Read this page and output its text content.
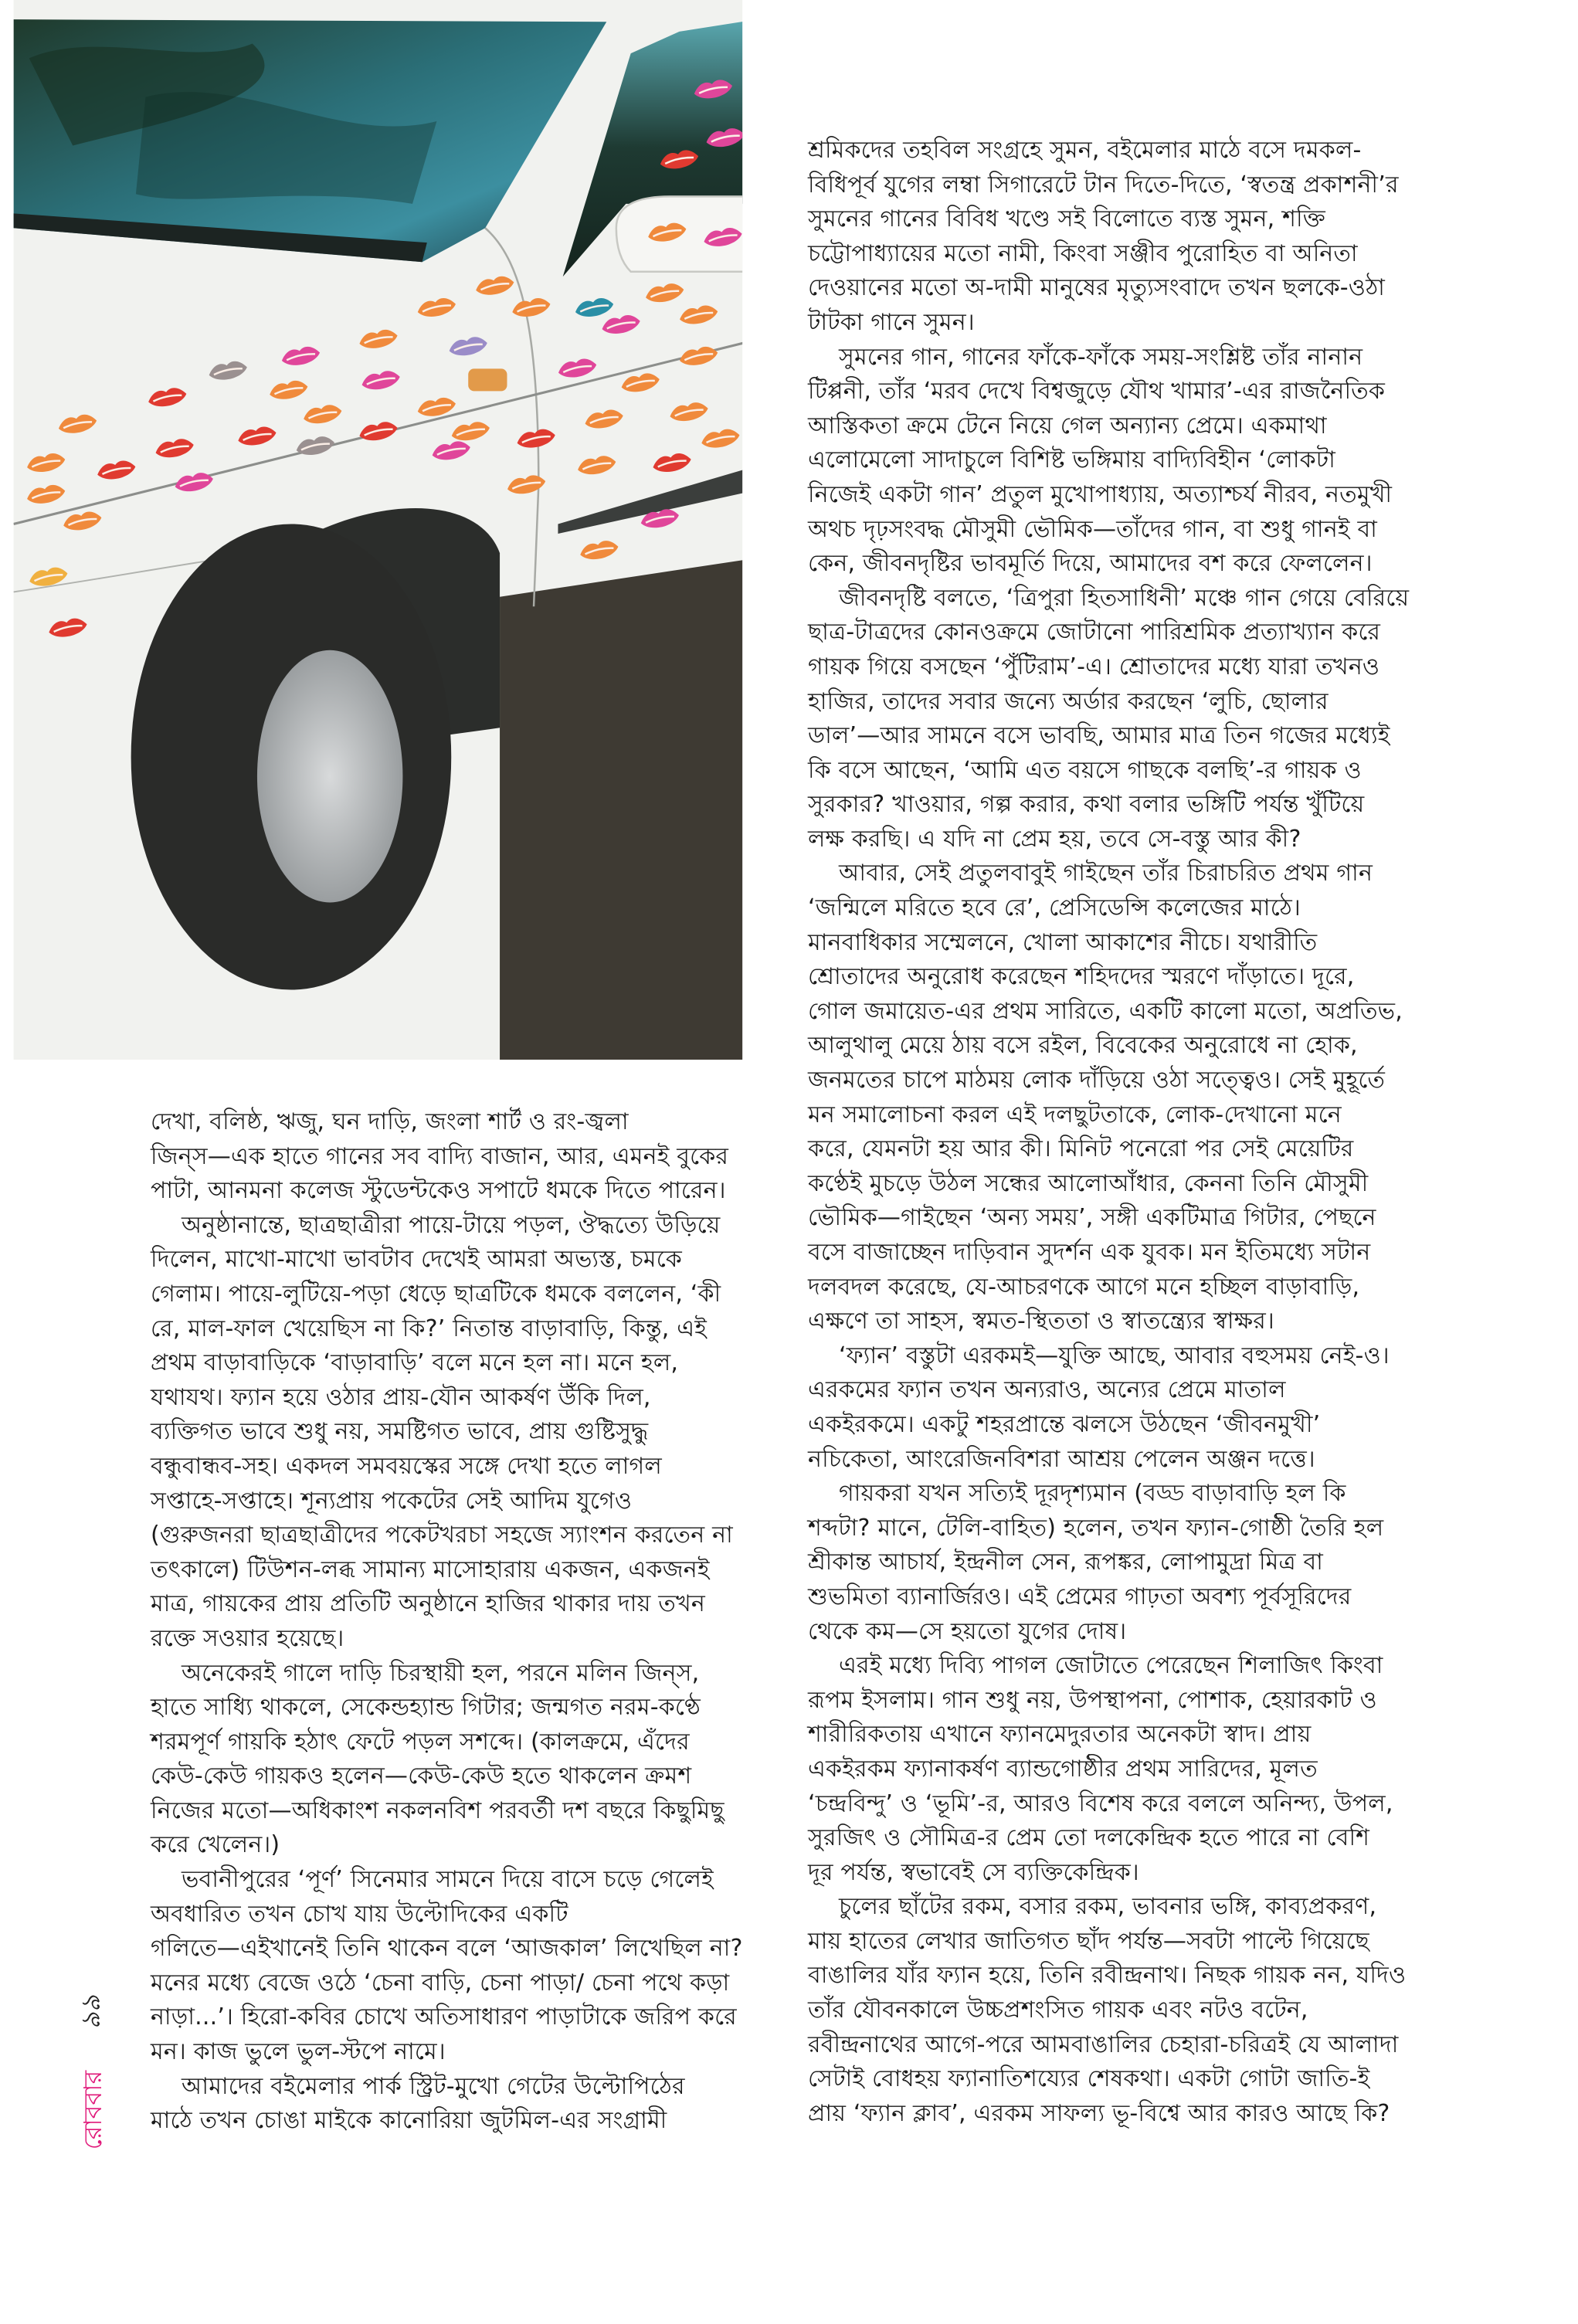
দেখা, বলিষ্ঠ, ঋজু, ঘন দাড়ি, জংলা শার্ট ও রং-জ্বলা
জিন্‌স—এক হাতে গানের সব বাদ্যি বাজান, আর, এমনই বুকের
পাটা, আনমনা কলেজ স্টুডেন্টকেও সপাটে ধমকে দিতে পারেন।
অনুষ্ঠানান্তে, ছাত্রছাত্রীরা পায়ে-টায়ে পড়ল, ঔদ্ধত্যে উড়িয়ে
দিলেন, মাখো-মাখো ভাবটাব দেখেই আমরা অভ্যস্ত, চমকে
গেলাম। পায়ে-লুটিয়ে-পড়া ধেড়ে ছাত্রটিকে ধমকে বললেন, ‘কী
রে, মাল-ফাল খেয়েছিস না কি?’ নিতান্ত বাড়াবাড়ি, কিন্তু, এই
প্রথম বাড়াবাড়িকে ‘বাড়াবাড়ি’ বলে মনে হল না। মনে হল,
যথাযথ। ফ্যান হয়ে ওঠার প্রায়-যৌন আকর্ষণ উঁকি দিল,
ব্যক্তিগত ভাবে শুধু নয়, সমষ্টিগত ভাবে, প্রায় গুষ্টিসুদ্ধু
বন্ধুবান্ধব-সহ। একদল সমবয়স্কের সঙ্গে দেখা হতে লাগল
সপ্তাহে-সপ্তাহে। শূন্যপ্রায় পকেটের সেই আদিম যুগেও
(গুরুজনরা ছাত্রছাত্রীদের পকেটখরচা সহজে স্যাংশন করতেন না
তৎকালে) টিউশন-লব্ধ সামান্য মাসোহারায় একজন, একজনই
মাত্র, গায়কের প্রায় প্রতিটি অনুষ্ঠানে হাজির থাকার দায় তখন
রক্তে সওয়ার হয়েছে।
অনেকেরই গালে দাড়ি চিরস্থায়ী হল, পরনে মলিন জিন্‌স,
হাতে সাধ্যি থাকলে, সেকেন্ডহ্যান্ড গিটার; জন্মগত নরম-কণ্ঠে
শরমপূর্ণ গায়কি হঠাৎ ফেটে পড়ল সশব্দে। (কালক্রমে, এঁদের
কেউ-কেউ গায়কও হলেন—কেউ-কেউ হতে থাকলেন ক্রমশ
নিজের মতো—অধিকাংশ নকলনবিশ পরবর্তী দশ বছরে কিছুমিছু
করে খেলেন।)
ভবানীপুরের ‘পূর্ণ’ সিনেমার সামনে দিয়ে বাসে চড়ে গেলেই
অবধারিত তখন চোখ যায় উল্টোদিকের একটি
গলিতে—এইখানেই তিনি থাকেন বলে ‘আজকাল’ লিখেছিল না?
মনের মধ্যে বেজে ওঠে ‘চেনা বাড়ি, চেনা পাড়া/ চেনা পথে কড়া
নাড়া...’। হিরো-কবির চোখে অতিসাধারণ পাড়াটাকে জরিপ করে
মন। কাজ ভুলে ভুল-স্টপে নামে।
আমাদের বইমেলার পার্ক স্ট্রিট-মুখো গেটের উল্টোপিঠের
মাঠে তখন চোঙা মাইকে কানোরিয়া জুটমিল-এর সংগ্রামী
শ্রমিকদের তহবিল সংগ্রহে সুমন, বইমেলার মাঠে বসে দমকল-
বিধিপূর্ব যুগের লম্বা সিগারেটে টান দিতে-দিতে, ‘স্বতন্ত্র প্রকাশনী’র
সুমনের গানের বিবিধ খণ্ডে সই বিলোতে ব্যস্ত সুমন, শক্তি
চট্টোপাধ্যায়ের মতো নামী, কিংবা সঞ্জীব পুরোহিত বা অনিতা
দেওয়ানের মতো অ-দামী মানুষের মৃত্যুসংবাদে তখন ছলকে-ওঠা
টাটকা গানে সুমন।
সুমনের গান, গানের ফাঁকে-ফাঁকে সময়-সংশ্লিষ্ট তাঁর নানান
টিপ্পনী, তাঁর ‘মরব দেখে বিশ্বজুড়ে যৌথ খামার’-এর রাজনৈতিক
আস্তিকতা ক্রমে টেনে নিয়ে গেল অন্যান্য প্রেমে। একমাথা
এলোমেলো সাদাচুলে বিশিষ্ট ভঙ্গিমায় বাদ্যিবিহীন ‘লোকটা
নিজেই একটা গান’ প্রতুল মুখোপাধ্যায়, অত্যাশ্চর্য নীরব, নতমুখী
অথচ দৃঢ়সংবদ্ধ মৌসুমী ভৌমিক—তাঁদের গান, বা শুধু গানই বা
কেন, জীবনদৃষ্টির ভাবমূর্তি দিয়ে, আমাদের বশ করে ফেললেন।
জীবনদৃষ্টি বলতে, ‘ত্রিপুরা হিতসাধিনী’ মঞ্চে গান গেয়ে বেরিয়ে
ছাত্র-টাত্রদের কোনওক্রমে জোটানো পারিশ্রমিক প্রত্যাখ্যান করে
গায়ক গিয়ে বসছেন ‘পুঁটিরাম’-এ। শ্রোতাদের মধ্যে যারা তখনও
হাজির, তাদের সবার জন্যে অর্ডার করছেন ‘লুচি, ছোলার
ডাল’—আর সামনে বসে ভাবছি, আমার মাত্র তিন গজের মধ্যেই
কি বসে আছেন, ‘আমি এত বয়সে গাছকে বলছি’-র গায়ক ও
সুরকার? খাওয়ার, গল্প করার, কথা বলার ভঙ্গিটি পর্যন্ত খুঁটিয়ে
লক্ষ করছি। এ যদি না প্রেম হয়, তবে সে-বস্তু আর কী?
আবার, সেই প্রতুলবাবুই গাইছেন তাঁর চিরাচরিত প্রথম গান
‘জন্মিলে মরিতে হবে রে’, প্রেসিডেন্সি কলেজের মাঠে।
মানবাধিকার সম্মেলনে, খোলা আকাশের নীচে। যথারীতি
শ্রোতাদের অনুরোধ করেছেন শহিদদের স্মরণে দাঁড়াতে। দূরে,
গোল জমায়েত-এর প্রথম সারিতে, একটি কালো মতো, অপ্রতিভ,
আলুথালু মেয়ে ঠায় বসে রইল, বিবেকের অনুরোধে না হোক,
জনমতের চাপে মাঠময় লোক দাঁড়িয়ে ওঠা সত্ত্বেও। সেই মুহূর্তে
মন সমালোচনা করল এই দলছুটতাকে, লোক-দেখানো মনে
করে, যেমনটা হয় আর কী। মিনিট পনেরো পর সেই মেয়েটির
কণ্ঠেই মুচড়ে উঠল সন্ধের আলোআঁধার, কেননা তিনি মৌসুমী
ভৌমিক—গাইছেন ‘অন্য সময়’, সঙ্গী একটিমাত্র গিটার, পেছনে
বসে বাজাচ্ছেন দাড়িবান সুদর্শন এক যুবক। মন ইতিমধ্যে সটান
দলবদল করেছে, যে-আচরণকে আগে মনে হচ্ছিল বাড়াবাড়ি,
এক্ষণে তা সাহস, স্বমত-স্থিততা ও স্বাতন্ত্র্যের স্বাক্ষর।
‘ফ্যান’ বস্তুটা এরকমই—যুক্তি আছে, আবার বহুসময় নেই-ও।
এরকমের ফ্যান তখন অন্যরাও, অন্যের প্রেমে মাতাল
একইরকমে। একটু শহরপ্রান্তে ঝলসে উঠছেন ‘জীবনমুখী’
নচিকেতা, আংরেজিনবিশরা আশ্রয় পেলেন অঞ্জন দত্তে।
গায়করা যখন সত্যিই দূরদৃশ্যমান (বড্ড বাড়াবাড়ি হল কি
শব্দটা? মানে, টেলি-বাহিত) হলেন, তখন ফ্যান-গোষ্ঠী তৈরি হল
শ্রীকান্ত আচার্য, ইন্দ্রনীল সেন, রূপঙ্কর, লোপামুদ্রা মিত্র বা
শুভমিতা ব্যানার্জিরও। এই প্রেমের গাঢ়তা অবশ্য পূর্বসূরিদের
থেকে কম—সে হয়তো যুগের দোষ।
এরই মধ্যে দিব্যি পাগল জোটাতে পেরেছেন শিলাজিৎ কিংবা
রূপম ইসলাম। গান শুধু নয়, উপস্থাপনা, পোশাক, হেয়ারকাট ও
শারীরিকতায় এখানে ফ্যানমেদুরতার অনেকটা স্বাদ। প্রায়
একইরকম ফ্যানাকর্ষণ ব্যান্ডগোষ্ঠীর প্রথম সারিদের, মূলত
‘চন্দ্রবিন্দু’ ও ‘ভূমি’-র, আরও বিশেষ করে বললে অনিন্দ্য, উপল,
সুরজিৎ ও সৌমিত্র-র প্রেম তো দলকেন্দ্রিক হতে পারে না বেশি
দূর পর্যন্ত, স্বভাবেই সে ব্যক্তিকেন্দ্রিক।
চুলের ছাঁটের রকম, বসার রকম, ভাবনার ভঙ্গি, কাব্যপ্রকরণ,
মায় হাতের লেখার জাতিগত ছাঁদ পর্যন্ত—সবটা পাল্টে গিয়েছে
বাঙালির যাঁর ফ্যান হয়ে, তিনি রবীন্দ্রনাথ। নিছক গায়ক নন, যদিও
তাঁর যৌবনকালে উচ্চপ্রশংসিত গায়ক এবং নটও বটেন,
রবীন্দ্রনাথের আগে-পরে আমবাঙালির চেহারা-চরিত্রই যে আলাদা
সেটাই বোধহয় ফ্যানাতিশয্যের শেষকথা। একটা গোটা জাতি-ই
প্রায় ‘ফ্যান ক্লাব’, এরকম সাফল্য ভূ-বিশ্বে আর কারও আছে কি?
৯৯
রোববার
